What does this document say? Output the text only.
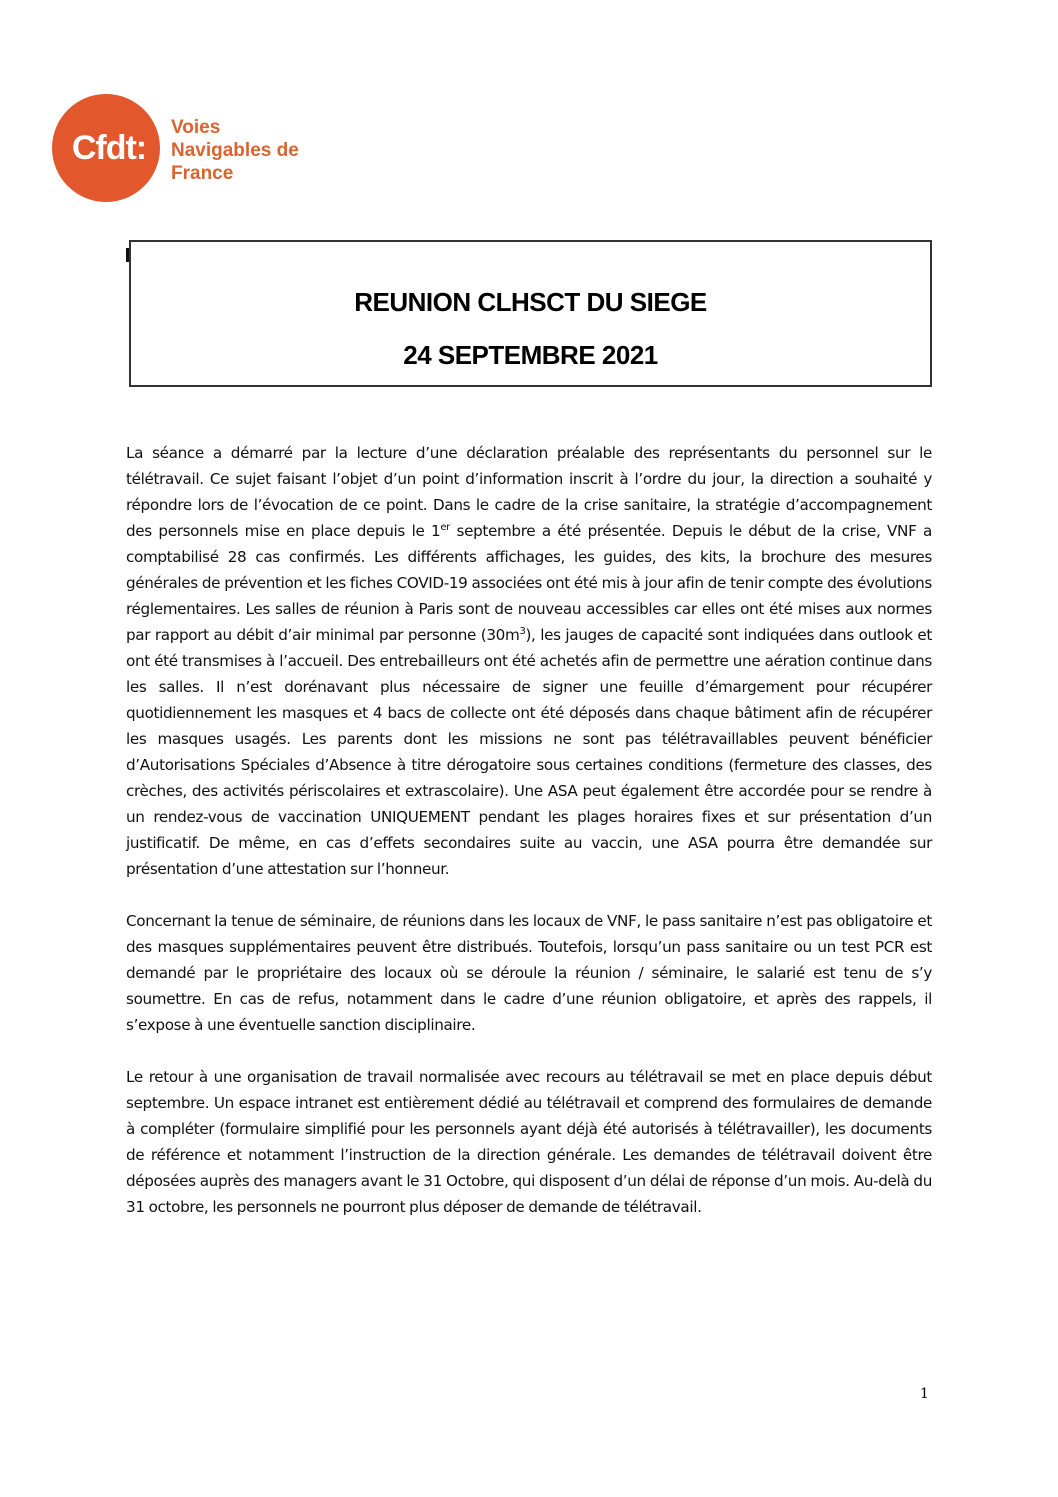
Cfdt:
Voies
Navigables de
France
REUNION CLHSCT DU SIEGE
24 SEPTEMBRE 2021

La séance a démarré par la lecture d’une déclaration préalable des représentants du personnel sur le télétravail. Ce sujet faisant l’objet d’un point d’information inscrit à l’ordre du jour, la direction a souhaité y répondre lors de l’évocation de ce point. Dans le cadre de la crise sanitaire, la stratégie d’accompagnement des personnels mise en place depuis le 1er septembre a été présentée. Depuis le début de la crise, VNF a comptabilisé 28 cas confirmés. Les différents affichages, les guides, des kits, la brochure des mesures générales de prévention et les fiches COVID-19 associées ont été mis à jour afin de tenir compte des évolutions réglementaires. Les salles de réunion à Paris sont de nouveau accessibles car elles ont été mises aux normes par rapport au débit d’air minimal par personne $(30m^3)$, les jauges de capacité sont indiquées dans outlook et ont été transmises à l’accueil. Des entrebailleurs ont été achetés afin de permettre une aération continue dans les salles. Il n’est dorénavant plus nécessaire de signer une feuille d’émargement pour récupérer quotidiennement les masques et 4 bacs de collecte ont été déposés dans chaque bâtiment afin de récupérer les masques usagés. Les parents dont les missions ne sont pas télétravaillables peuvent bénéficier d’Autorisations Spéciales d’Absence à titre dérogatoire sous certaines conditions (fermeture des classes, des crèches, des activités périscolaires et extrascolaire). Une ASA peut également être accordée pour se rendre à un rendez-vous de vaccination UNIQUEMENT pendant les plages horaires fixes et sur présentation d’un justificatif. De même, en cas d’effets secondaires suite au vaccin, une ASA pourra être demandée sur présentation d’une attestation sur l’honneur.

Concernant la tenue de séminaire, de réunions dans les locaux de VNF, le pass sanitaire n’est pas obligatoire et des masques supplémentaires peuvent être distribués. Toutefois, lorsqu’un pass sanitaire ou un test PCR est demandé par le propriétaire des locaux où se déroule la réunion / séminaire, le salarié est tenu de s’y soumettre. En cas de refus, notamment dans le cadre d’une réunion obligatoire, et après des rappels, il s’expose à une éventuelle sanction disciplinaire.

Le retour à une organisation de travail normalisée avec recours au télétravail se met en place depuis début septembre. Un espace intranet est entièrement dédié au télétravail et comprend des formulaires de demande à compléter (formulaire simplifié pour les personnels ayant déjà été autorisés à télétravailler), les documents de référence et notamment l’instruction de la direction générale. Les demandes de télétravail doivent être déposées auprès des managers avant le 31 Octobre, qui disposent d’un délai de réponse d’un mois. Au-delà du 31 octobre, les personnels ne pourront plus déposer de demande de télétravail.

1
